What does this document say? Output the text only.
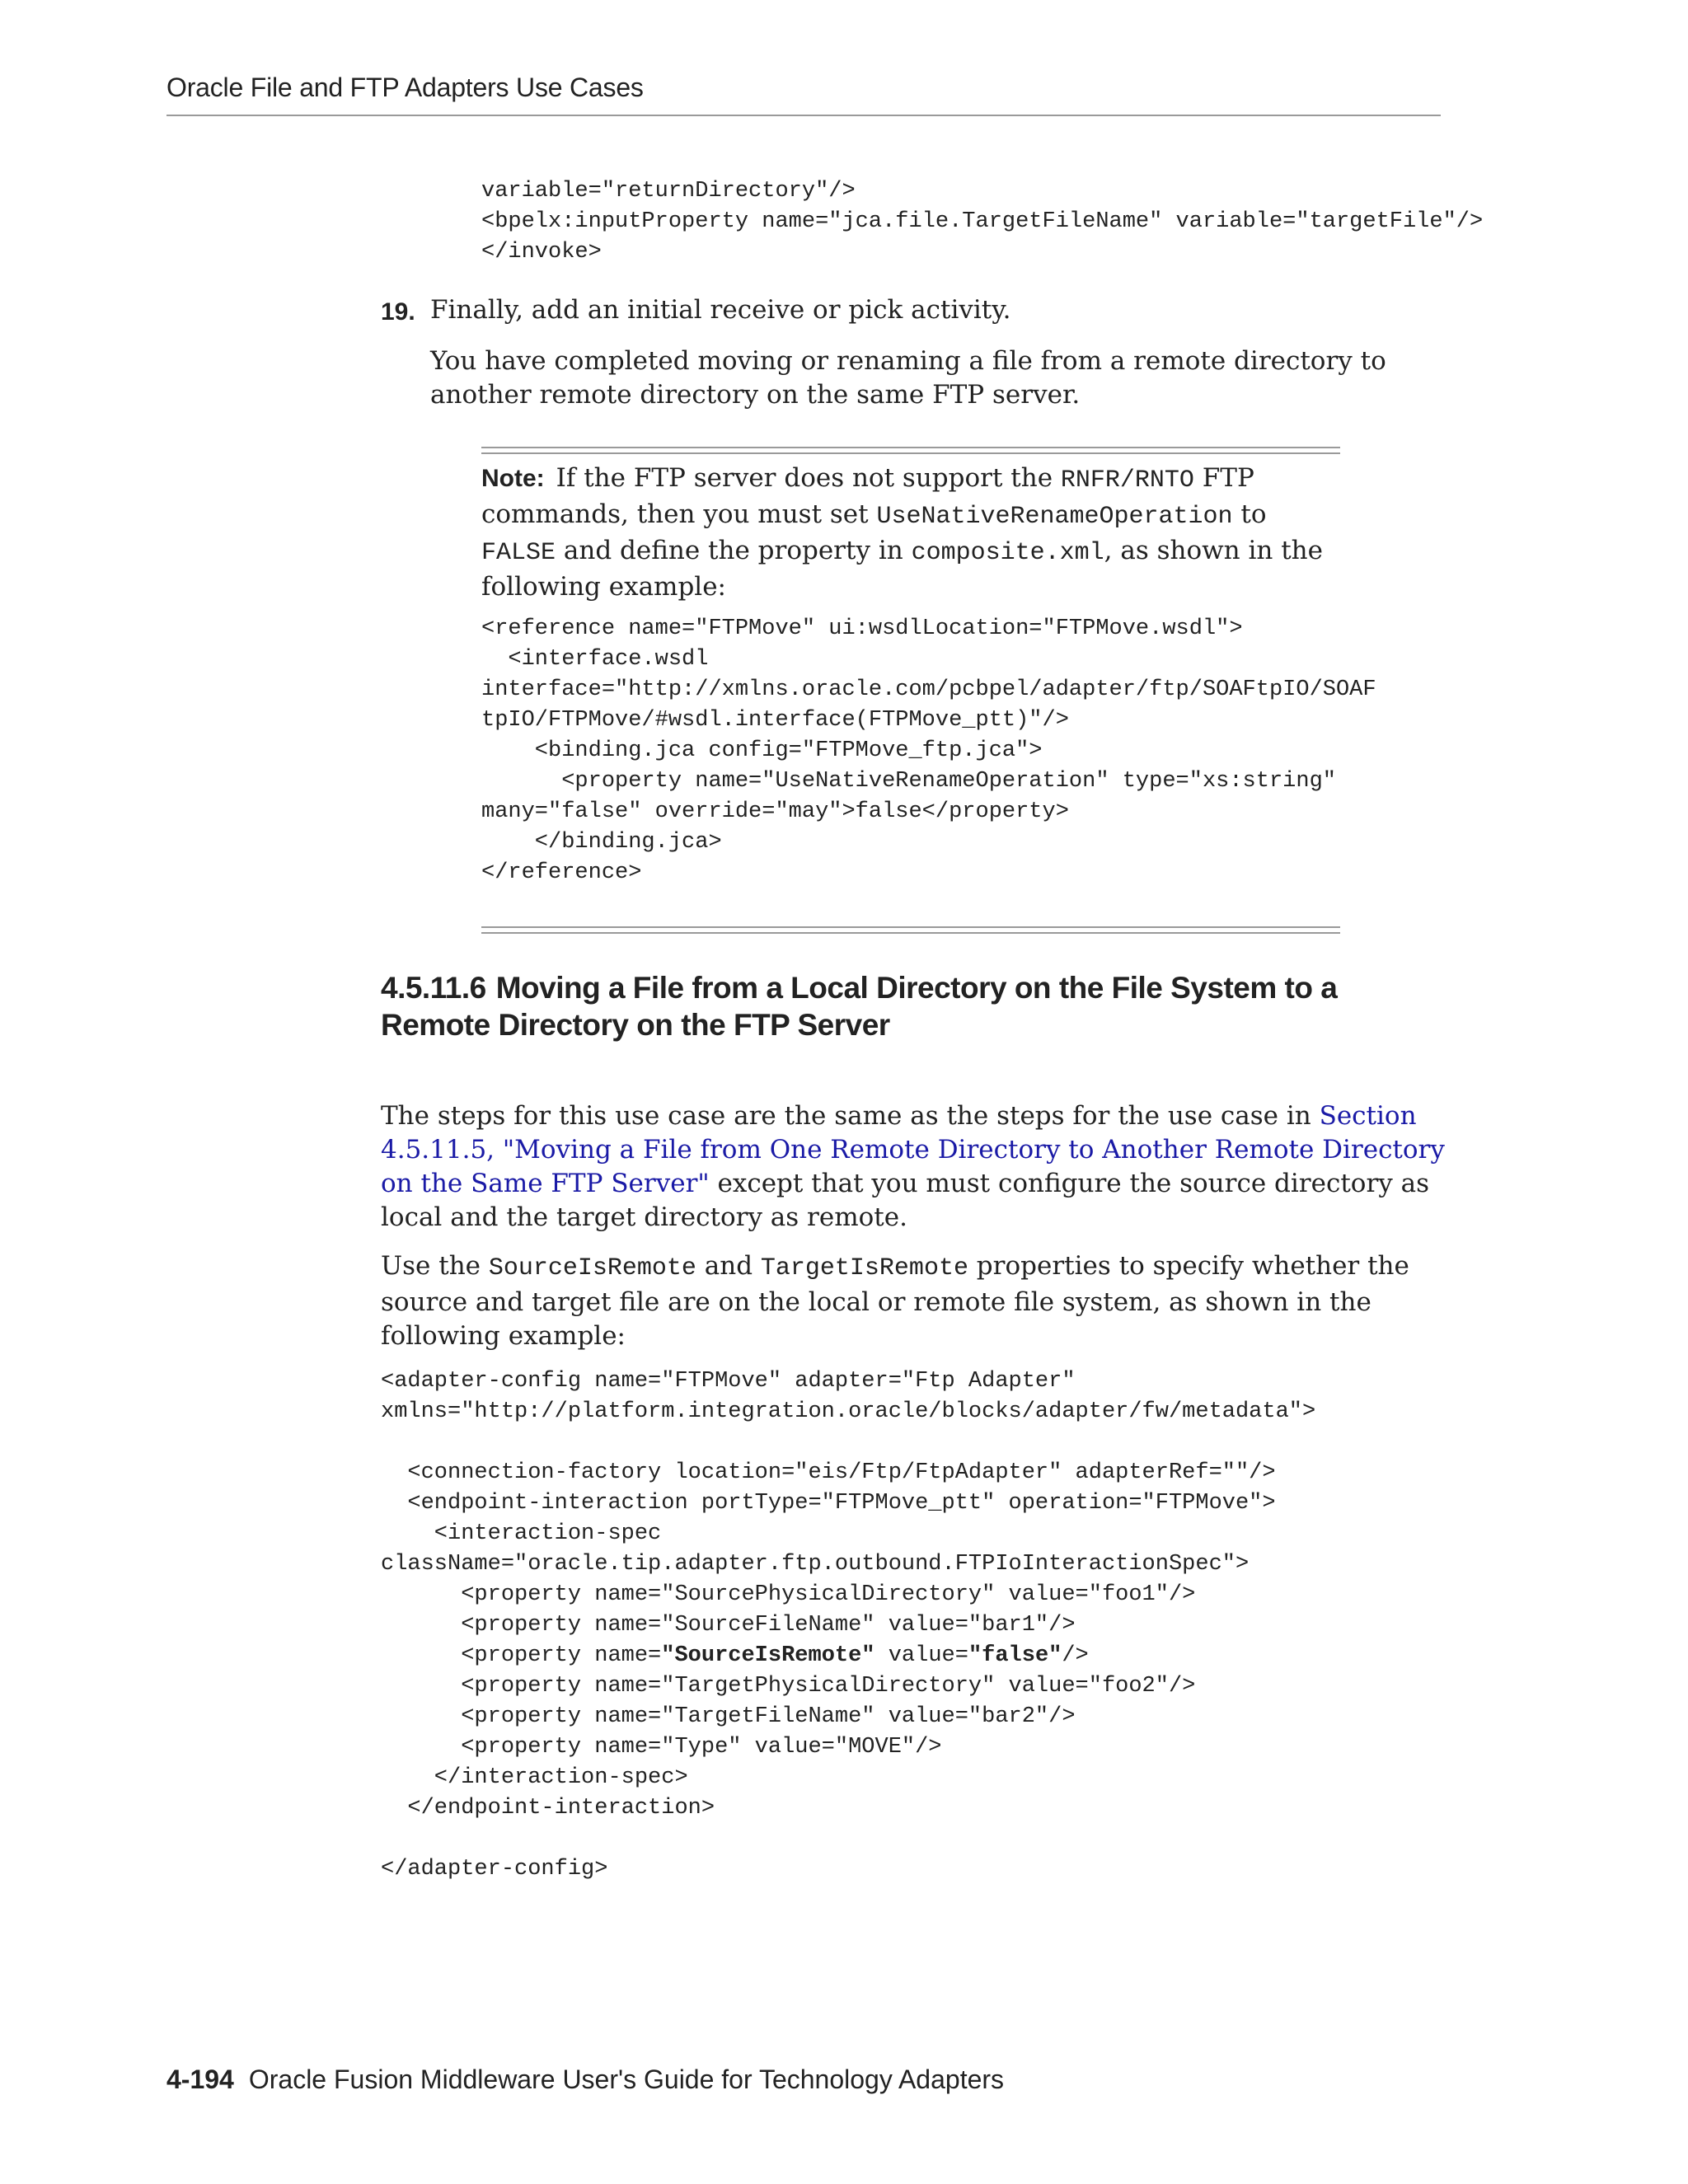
Oracle File and FTP Adapters Use Cases
variable="returnDirectory"/>
<bpelx:inputProperty name="jca.file.TargetFileName" variable="targetFile"/>
</invoke>
19. Finally, add an initial receive or pick activity.
You have completed moving or renaming a file from a remote directory to another remote directory on the same FTP server.
Note: If the FTP server does not support the RNFR/RNTO FTP commands, then you must set UseNativeRenameOperation to FALSE and define the property in composite.xml, as shown in the following example:
<reference name="FTPMove" ui:wsdlLocation="FTPMove.wsdl">
<interface.wsdl
interface="http://xmlns.oracle.com/pcbpel/adapter/ftp/SOAFtpIO/SOAF
tpIO/FTPMove/#wsdl.interface(FTPMove_ptt)"/>
<binding.jca config="FTPMove_ftp.jca">
<property name="UseNativeRenameOperation" type="xs:string"
many="false" override="may">false</property>
</binding.jca>
</reference>
4.5.11.6 Moving a File from a Local Directory on the File System to a Remote Directory on the FTP Server
The steps for this use case are the same as the steps for the use case in Section 4.5.11.5, "Moving a File from One Remote Directory to Another Remote Directory on the Same FTP Server" except that you must configure the source directory as local and the target directory as remote.
Use the SourceIsRemote and TargetIsRemote properties to specify whether the source and target file are on the local or remote file system, as shown in the following example:
<adapter-config name="FTPMove" adapter="Ftp Adapter"
xmlns="http://platform.integration.oracle/blocks/adapter/fw/metadata">

<connection-factory location="eis/Ftp/FtpAdapter" adapterRef=""/>
<endpoint-interaction portType="FTPMove_ptt" operation="FTPMove">
<interaction-spec
className="oracle.tip.adapter.ftp.outbound.FTPIoInteractionSpec">
<property name="SourcePhysicalDirectory" value="foo1"/>
<property name="SourceFileName" value="bar1"/>
<property name="SourceIsRemote" value="false"/>
<property name="TargetPhysicalDirectory" value="foo2"/>
<property name="TargetFileName" value="bar2"/>
<property name="Type" value="MOVE"/>
</interaction-spec>
</endpoint-interaction>

</adapter-config>
4-194 Oracle Fusion Middleware User's Guide for Technology Adapters
